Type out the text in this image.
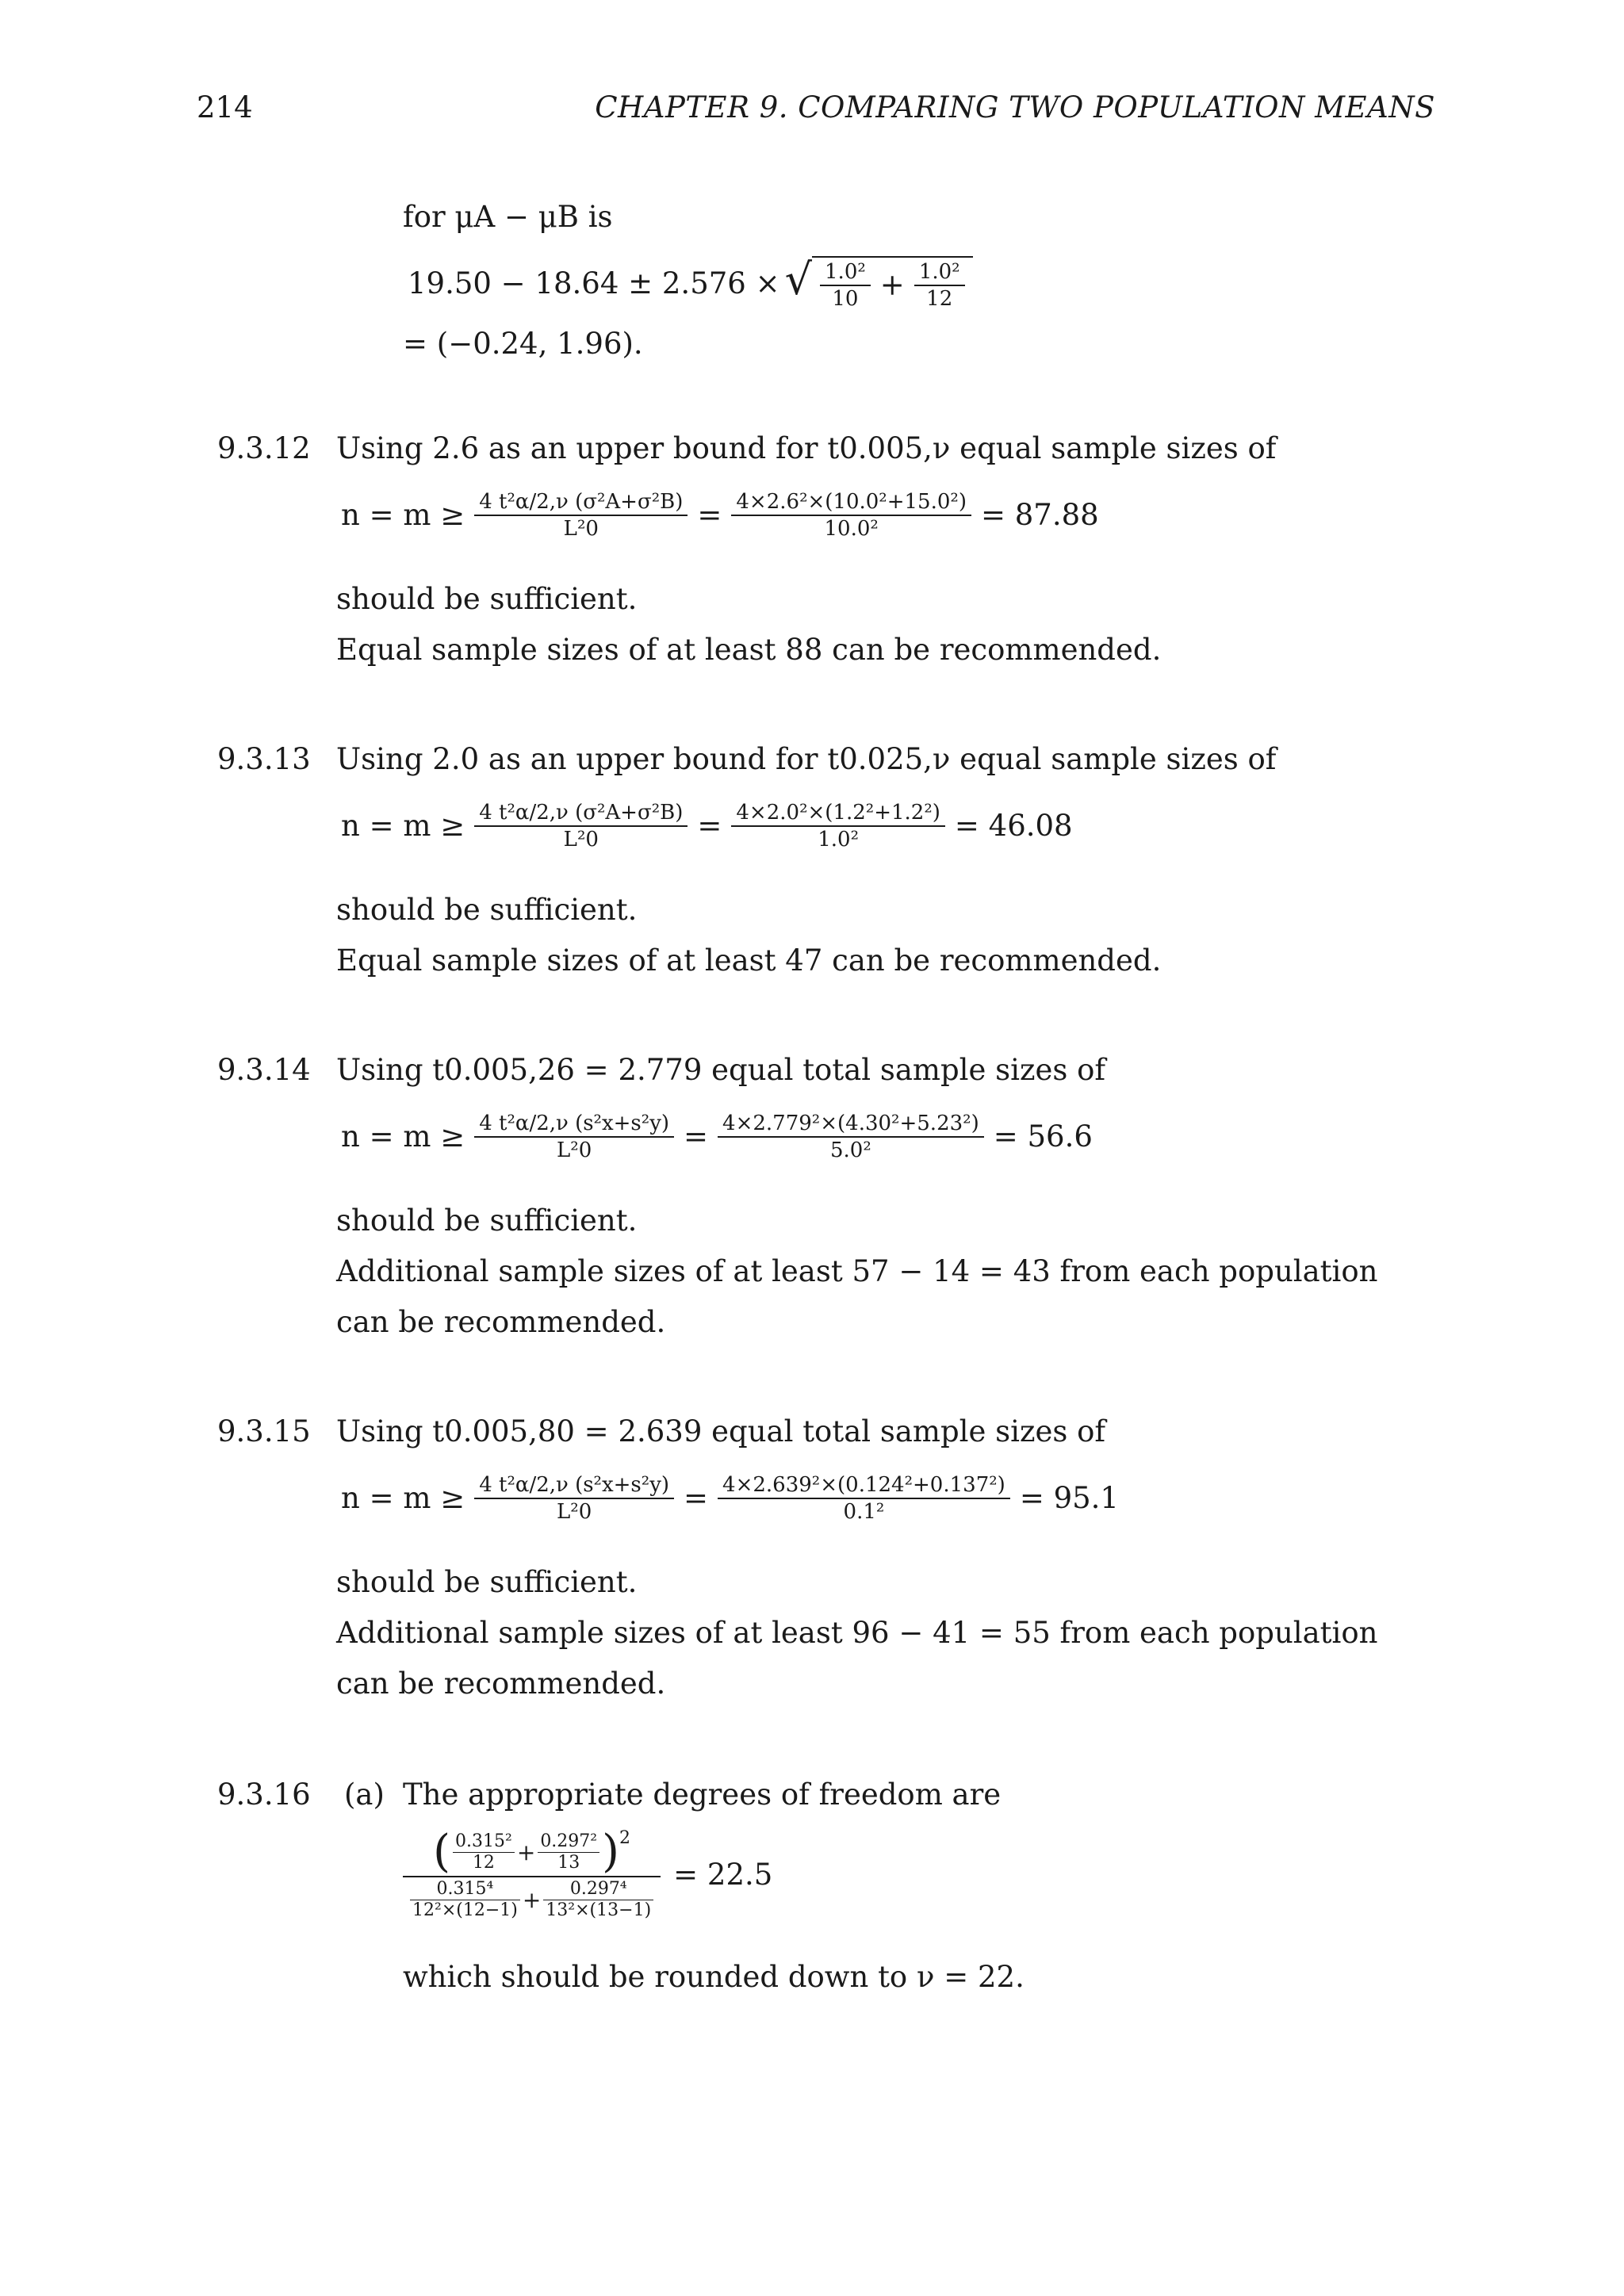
214	CHAPTER 9. COMPARING TWO POPULATION MEANS
for μA − μB is
19.50 − 18.64 ± 2.576 × √ $\frac{\text{1.0²}}{10} + \frac{\text{1.0²}}{12}$
= (−0.24, 1.96).
9.3.12 Using 2.6 as an upper bound for t0.005,ν equal sample sizes of
$n = m \ge \frac{\text{4 t²α/2,ν (σ²A+σ²B)}}{\text{L²0}} = \frac{\text{4×2.6²×(10.0²+15.0²)}}{\text{10.0²}} = 87.88$
should be sufficient.
Equal sample sizes of at least 88 can be recommended.
9.3.13 Using 2.0 as an upper bound for t0.025,ν equal sample sizes of
$n = m \ge \frac{\text{4 t²α/2,ν (σ²A+σ²B)}}{\text{L²0}} = \frac{\text{4×2.0²×(1.2²+1.2²)}}{\text{1.0²}} = 46.08$
should be sufficient.
Equal sample sizes of at least 47 can be recommended.
9.3.14 Using t0.005,26 = 2.779 equal total sample sizes of
$n = m \ge \frac{\text{4 t²α/2,ν (s²x+s²y)}}{\text{L²0}} = \frac{\text{4×2.779²×(4.30²+5.23²)}}{\text{5.0²}} = 56.6$
should be sufficient.
Additional sample sizes of at least 57 − 14 = 43 from each population
can be recommended.
9.3.15 Using t0.005,80 = 2.639 equal total sample sizes of
$n = m \ge \frac{\text{4 t²α/2,ν (s²x+s²y)}}{\text{L²0}} = \frac{\text{4×2.639²×(0.124²+0.137²)}}{\text{0.1²}} = 95.1$
should be sufficient.
Additional sample sizes of at least 96 − 41 = 55 from each population
can be recommended.
9.3.16 (a) The appropriate degrees of freedom are
( $\frac{\text{0.315²}}{12} + \frac{\text{0.297²}}{13}$ ) 2
$\frac{\text{0.315⁴}}{\text{12²×(12−1)}} + \frac{\text{0.297⁴}}{\text{13²×(13−1)}}$
= 22.5
which should be rounded down to ν = 22.
